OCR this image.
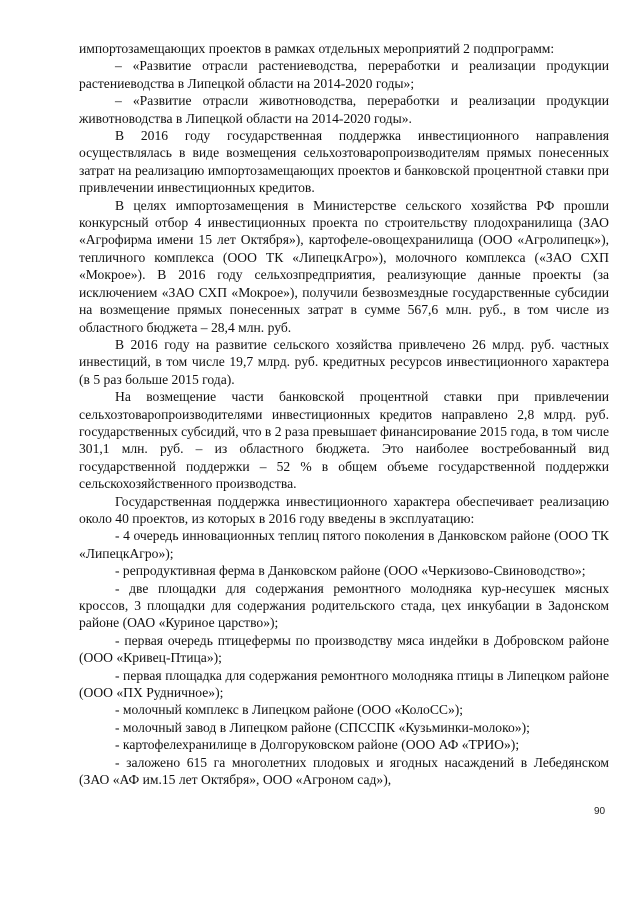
импортозамещающих проектов в рамках отдельных мероприятий 2 подпрограмм:

– «Развитие отрасли растениеводства, переработки и реализации продукции растениеводства в Липецкой области на 2014-2020 годы»;

– «Развитие отрасли животноводства, переработки и реализации продукции животноводства в Липецкой области на 2014-2020 годы».

В 2016 году государственная поддержка инвестиционного направления осуществлялась в виде возмещения сельхозтоваропроизводителям прямых понесенных затрат на реализацию импортозамещающих проектов и банковской процентной ставки при привлечении инвестиционных кредитов.

В целях импортозамещения в Министерстве сельского хозяйства РФ прошли конкурсный отбор 4 инвестиционных проекта по строительству плодохранилища (ЗАО «Агрофирма имени 15 лет Октября»), картофеле-овощехранилища (ООО «Агролипецк»), тепличного комплекса (ООО ТК «ЛипецкАгро»), молочного комплекса («ЗАО СХП «Мокрое»). В 2016 году сельхозпредприятия, реализующие данные проекты (за исключением «ЗАО СХП «Мокрое»), получили безвозмездные государственные субсидии на возмещение прямых понесенных затрат в сумме 567,6 млн. руб., в том числе из областного бюджета – 28,4 млн. руб.

В 2016 году на развитие сельского хозяйства привлечено 26 млрд. руб. частных инвестиций, в том числе 19,7 млрд. руб. кредитных ресурсов инвестиционного характера (в 5 раз больше 2015 года).

На возмещение части банковской процентной ставки при привлечении сельхозтоваропроизводителями инвестиционных кредитов направлено 2,8 млрд. руб. государственных субсидий, что в 2 раза превышает финансирование 2015 года, в том числе 301,1 млн. руб. – из областного бюджета. Это наиболее востребованный вид государственной поддержки – 52 % в общем объеме государственной поддержки сельскохозяйственного производства.

Государственная поддержка инвестиционного характера обеспечивает реализацию около 40 проектов, из которых в 2016 году введены в эксплуатацию:

- 4 очередь инновационных теплиц пятого поколения в Данковском районе (ООО ТК «ЛипецкАгро»);

- репродуктивная ферма в Данковском районе (ООО «Черкизово-Свиноводство»;

- две площадки для содержания ремонтного молодняка кур-несушек мясных кроссов, 3 площадки для содержания родительского стада, цех инкубации в Задонском районе (ОАО «Куриное царство»);

- первая очередь птицефермы по производству мяса индейки в Добровском районе (ООО «Кривец-Птица»);

- первая площадка для содержания ремонтного молодняка птицы в Липецком районе (ООО «ПХ Рудничное»);

- молочный комплекс в Липецком районе (ООО «КолоСС»);

- молочный завод в Липецком районе (СПССПК «Кузьминки-молоко»);

- картофелехранилище в Долгоруковском районе (ООО АФ «ТРИО»);

- заложено 615 га многолетних плодовых и ягодных насаждений в Лебедянском (ЗАО «АФ им.15 лет Октября», ООО «Агроном сад»),

90
